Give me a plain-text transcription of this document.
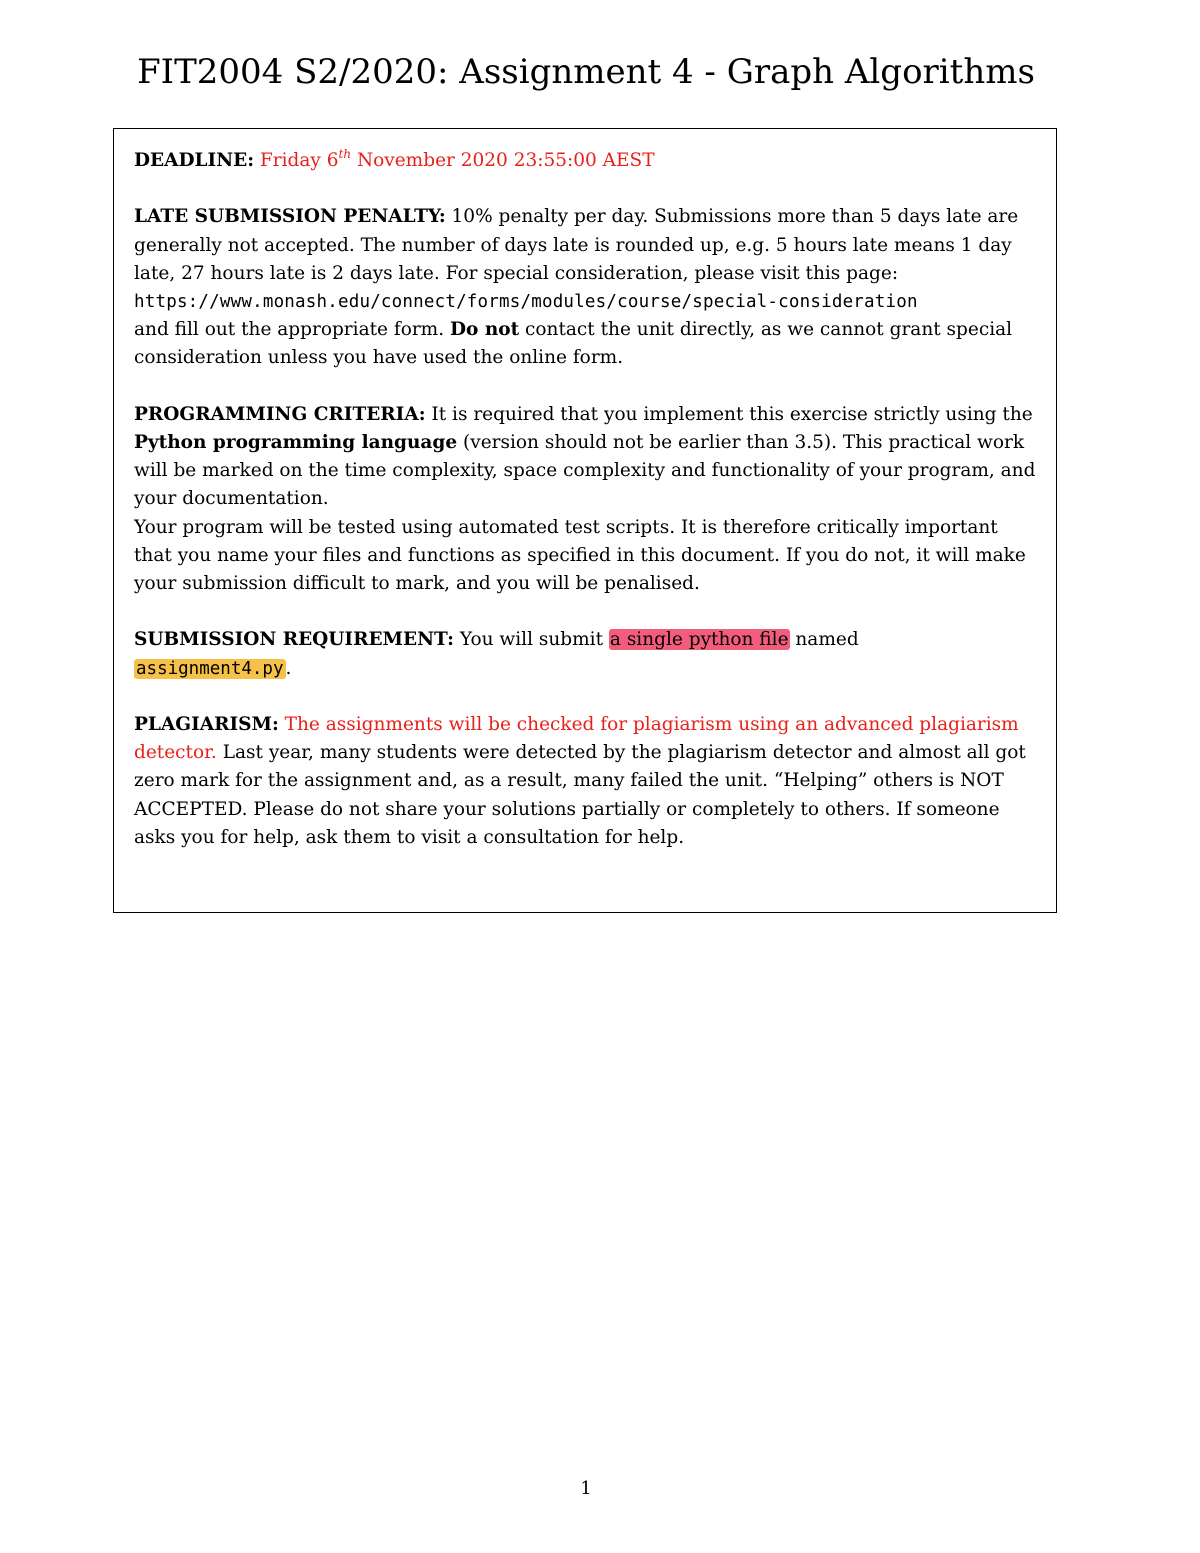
FIT2004 S2/2020: Assignment 4 - Graph Algorithms

DEADLINE: Friday 6th November 2020 23:55:00 AEST

LATE SUBMISSION PENALTY: 10% penalty per day. Submissions more than 5 days late are generally not accepted. The number of days late is rounded up, e.g. 5 hours late means 1 day late, 27 hours late is 2 days late. For special consideration, please visit this page:

https://www.monash.edu/connect/forms/modules/course/special-consideration

and fill out the appropriate form. Do not contact the unit directly, as we cannot grant special consideration unless you have used the online form.

PROGRAMMING CRITERIA: It is required that you implement this exercise strictly using the Python programming language (version should not be earlier than 3.5). This practical work will be marked on the time complexity, space complexity and functionality of your program, and your documentation.

Your program will be tested using automated test scripts. It is therefore critically important that you name your files and functions as specified in this document. If you do not, it will make your submission difficult to mark, and you will be penalised.

SUBMISSION REQUIREMENT: You will submit a single python file named
assignment4.py .

PLAGIARISM: The assignments will be checked for plagiarism using an advanced plagiarism detector. Last year, many students were detected by the plagiarism detector and almost all got zero mark for the assignment and, as a result, many failed the unit. “Helping” others is NOT ACCEPTED. Please do not share your solutions partially or completely to others. If someone asks you for help, ask them to visit a consultation for help.

1
